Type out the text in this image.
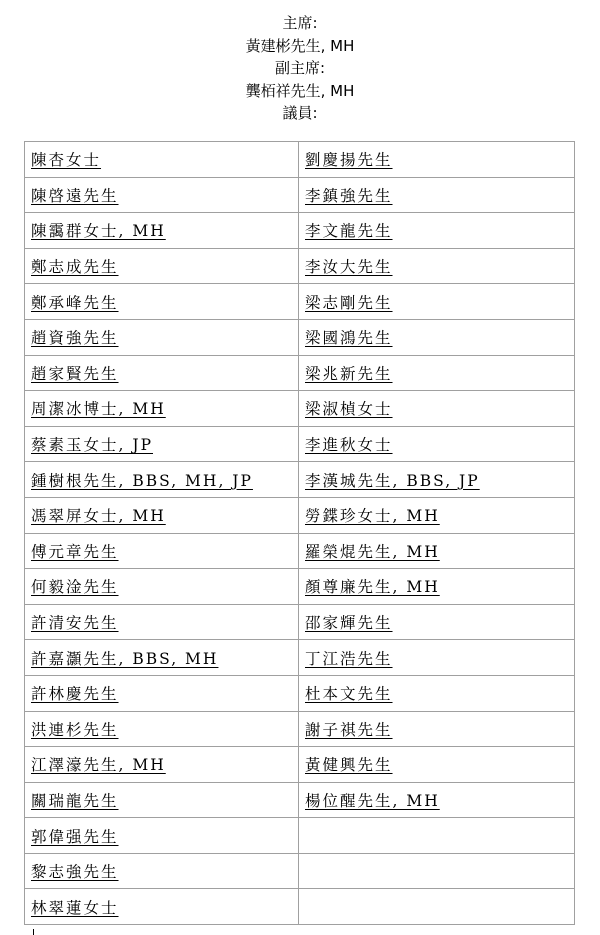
主席:
黃建彬先生, MH
副主席:
龔栢祥先生, MH
議員:
陳杏女士	劉慶揚先生
陳啓遠先生	李鎮強先生
陳靄群女士, MH	李文龍先生
鄭志成先生	李汝大先生
鄭承峰先生	梁志剛先生
趙資強先生	梁國鴻先生
趙家賢先生	梁兆新先生
周潔冰博士, MH	梁淑楨女士
蔡素玉女士, JP	李進秋女士
鍾樹根先生, BBS, MH, JP	李漢城先生, BBS, JP
馮翠屏女士, MH	勞鍱珍女士, MH
傅元章先生	羅榮焜先生, MH
何毅淦先生	顏尊廉先生, MH
許清安先生	邵家輝先生
許嘉灝先生, BBS, MH	丁江浩先生
許林慶先生	杜本文先生
洪連杉先生	謝子祺先生
江澤濠先生, MH	黃健興先生
關瑞龍先生	楊位醒先生, MH
郭偉强先生	
黎志強先生	
林翠蓮女士	
